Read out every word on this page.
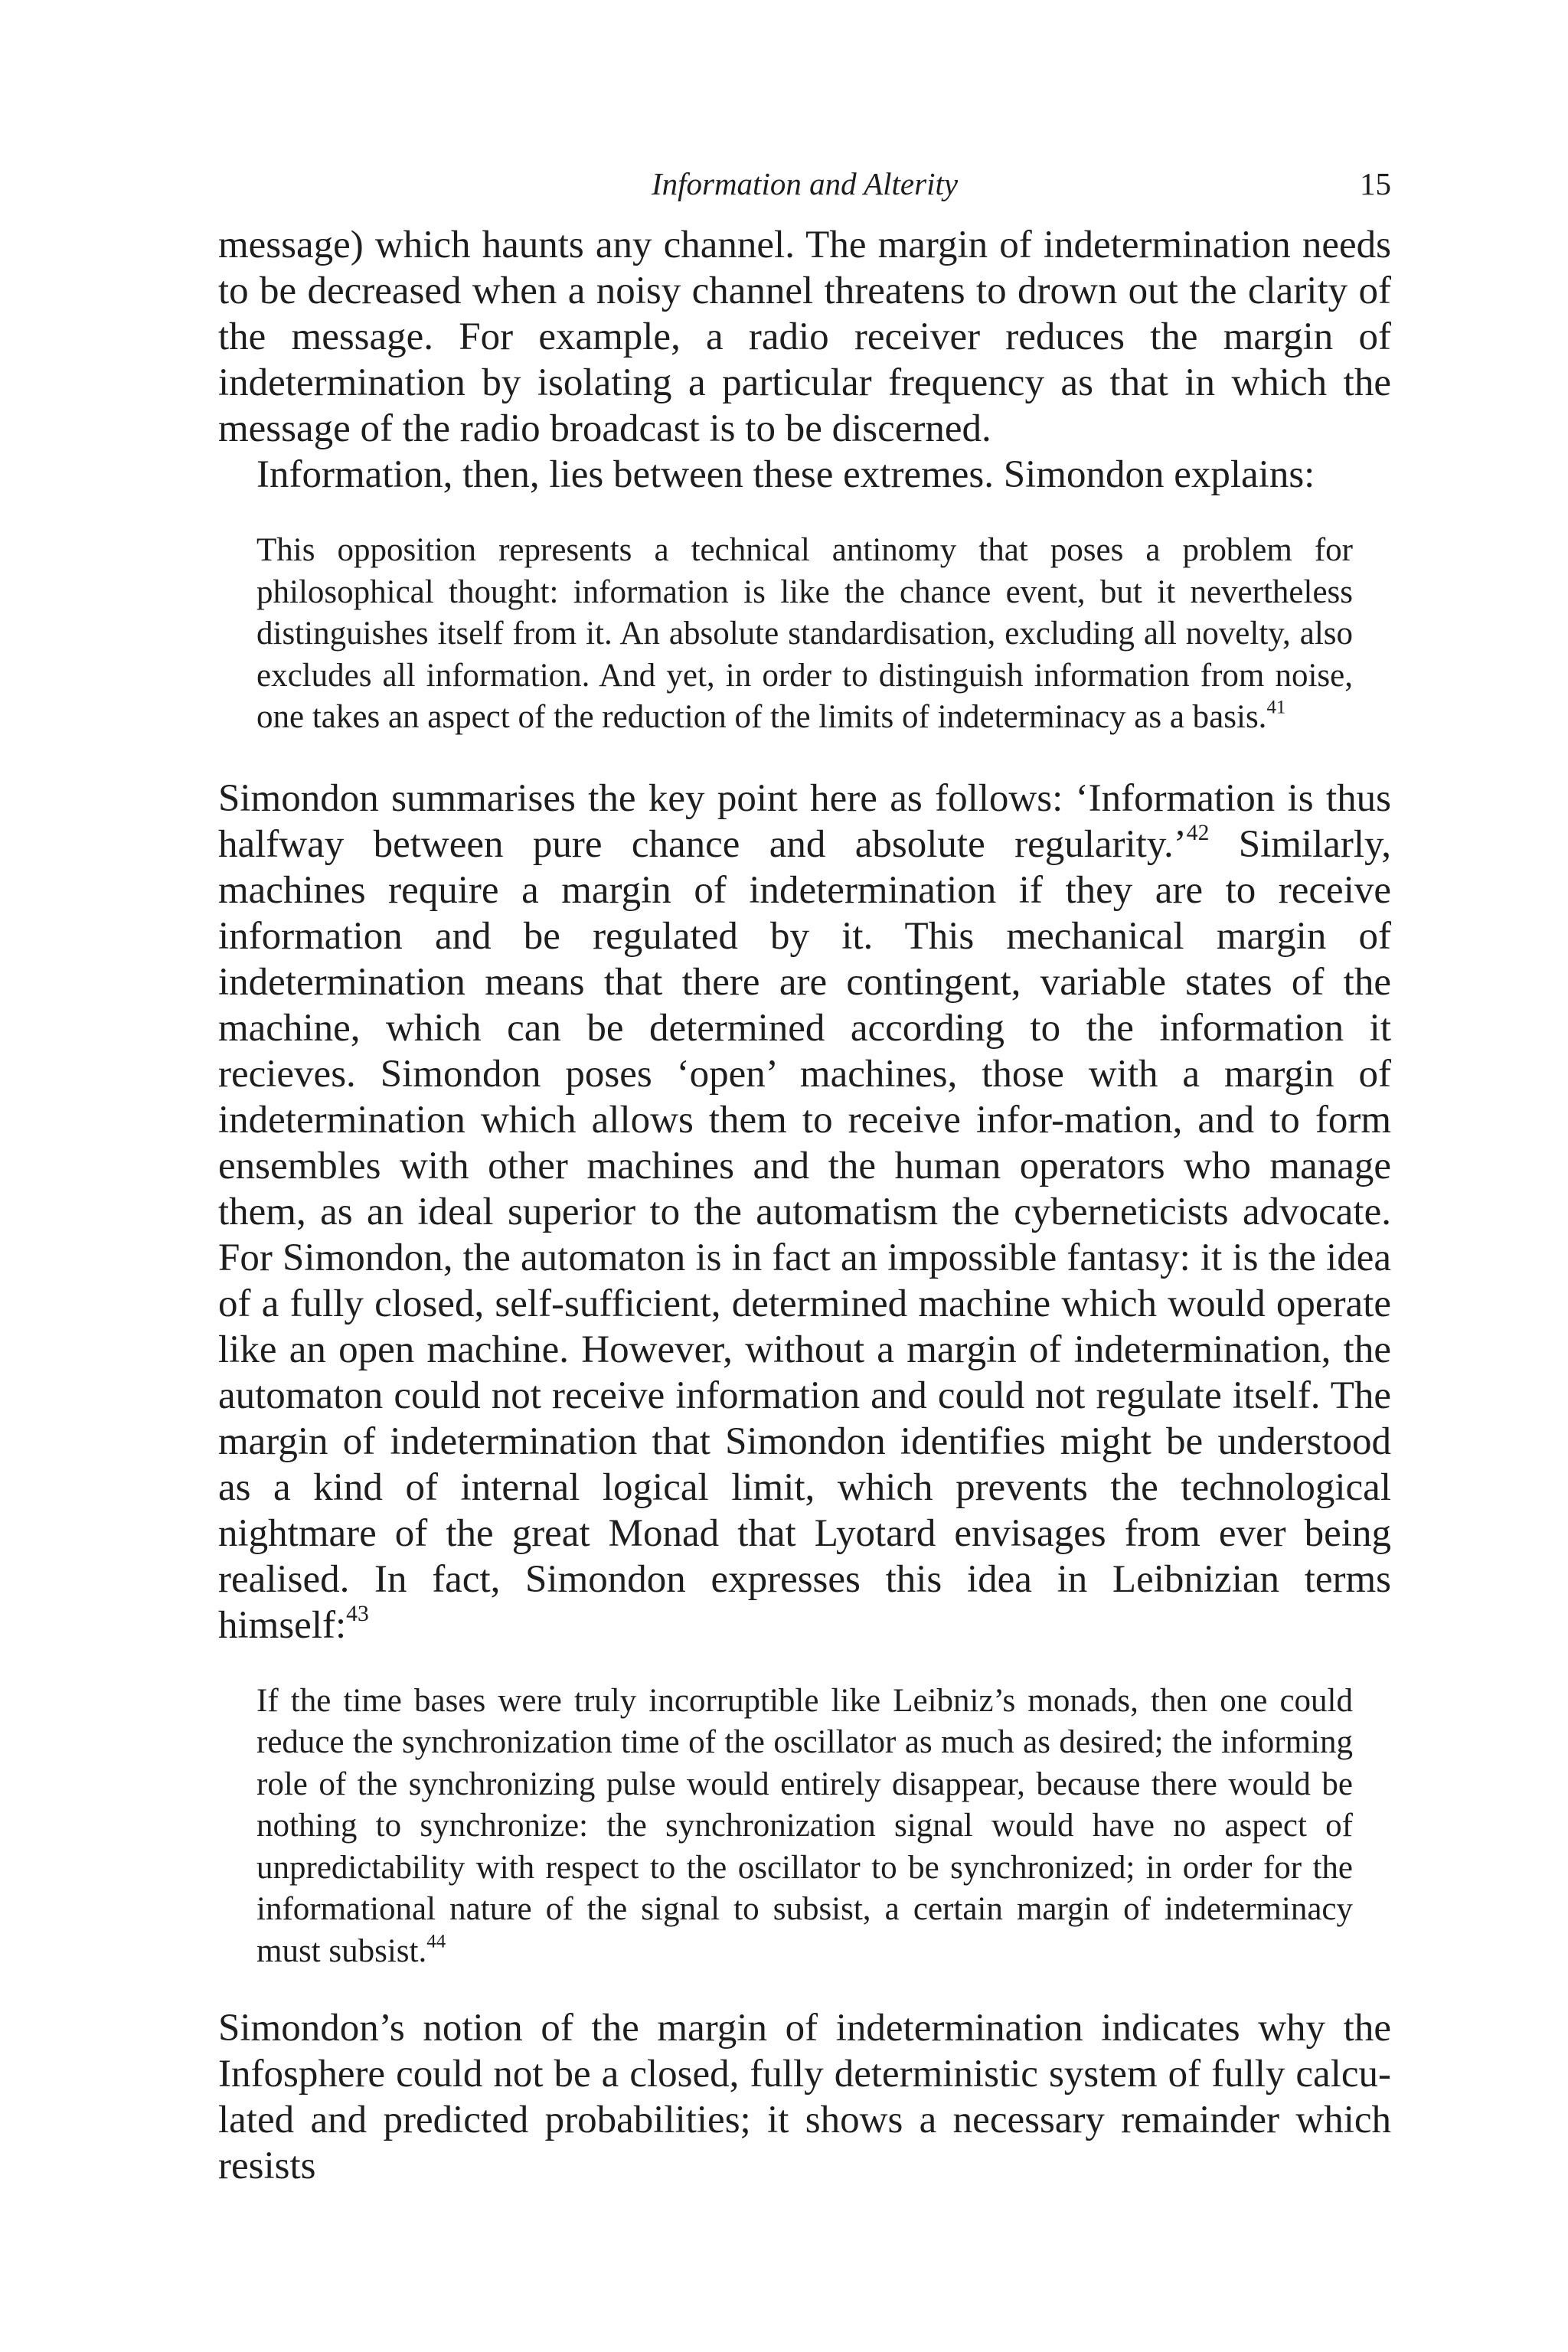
Information and Alterity	15

message) which haunts any channel. The margin of indetermination needs to be decreased when a noisy channel threatens to drown out the clarity of the message. For example, a radio receiver reduces the margin of indetermination by isolating a particular frequency as that in which the message of the radio broadcast is to be discerned.

Information, then, lies between these extremes. Simondon explains:

This opposition represents a technical antinomy that poses a problem for philosophical thought: information is like the chance event, but it nevertheless distinguishes itself from it. An absolute standardisation, excluding all novelty, also excludes all information. And yet, in order to distinguish information from noise, one takes an aspect of the reduction of the limits of indeterminacy as a basis.$^{41}$

Simondon summarises the key point here as follows: ‘Information is thus halfway between pure chance and absolute regularity.’$^{42}$ Similarly, machines require a margin of indetermination if they are to receive information and be regulated by it. This mechanical margin of indetermination means that there are contingent, variable states of the machine, which can be determined according to the information it recieves. Simondon poses ‘open’ machines, those with a margin of indetermination which allows them to receive infor-mation, and to form ensembles with other machines and the human operators who manage them, as an ideal superior to the automatism the cyberneticists advocate. For Simondon, the automaton is in fact an impossible fantasy: it is the idea of a fully closed, self-sufficient, determined machine which would operate like an open machine. However, without a margin of indetermination, the automaton could not receive information and could not regulate itself. The margin of indetermination that Simondon identifies might be understood as a kind of internal logical limit, which prevents the technological nightmare of the great Monad that Lyotard envisages from ever being realised. In fact, Simondon expresses this idea in Leibnizian terms himself:$^{43}$

If the time bases were truly incorruptible like Leibniz’s monads, then one could reduce the synchronization time of the oscillator as much as desired; the informing role of the synchronizing pulse would entirely disappear, because there would be nothing to synchronize: the synchronization signal would have no aspect of unpredictability with respect to the oscillator to be synchronized; in order for the informational nature of the signal to subsist, a certain margin of indeterminacy must subsist.$^{44}$

Simondon’s notion of the margin of indetermination indicates why the Infosphere could not be a closed, fully deterministic system of fully calcu-lated and predicted probabilities; it shows a necessary remainder which resists
